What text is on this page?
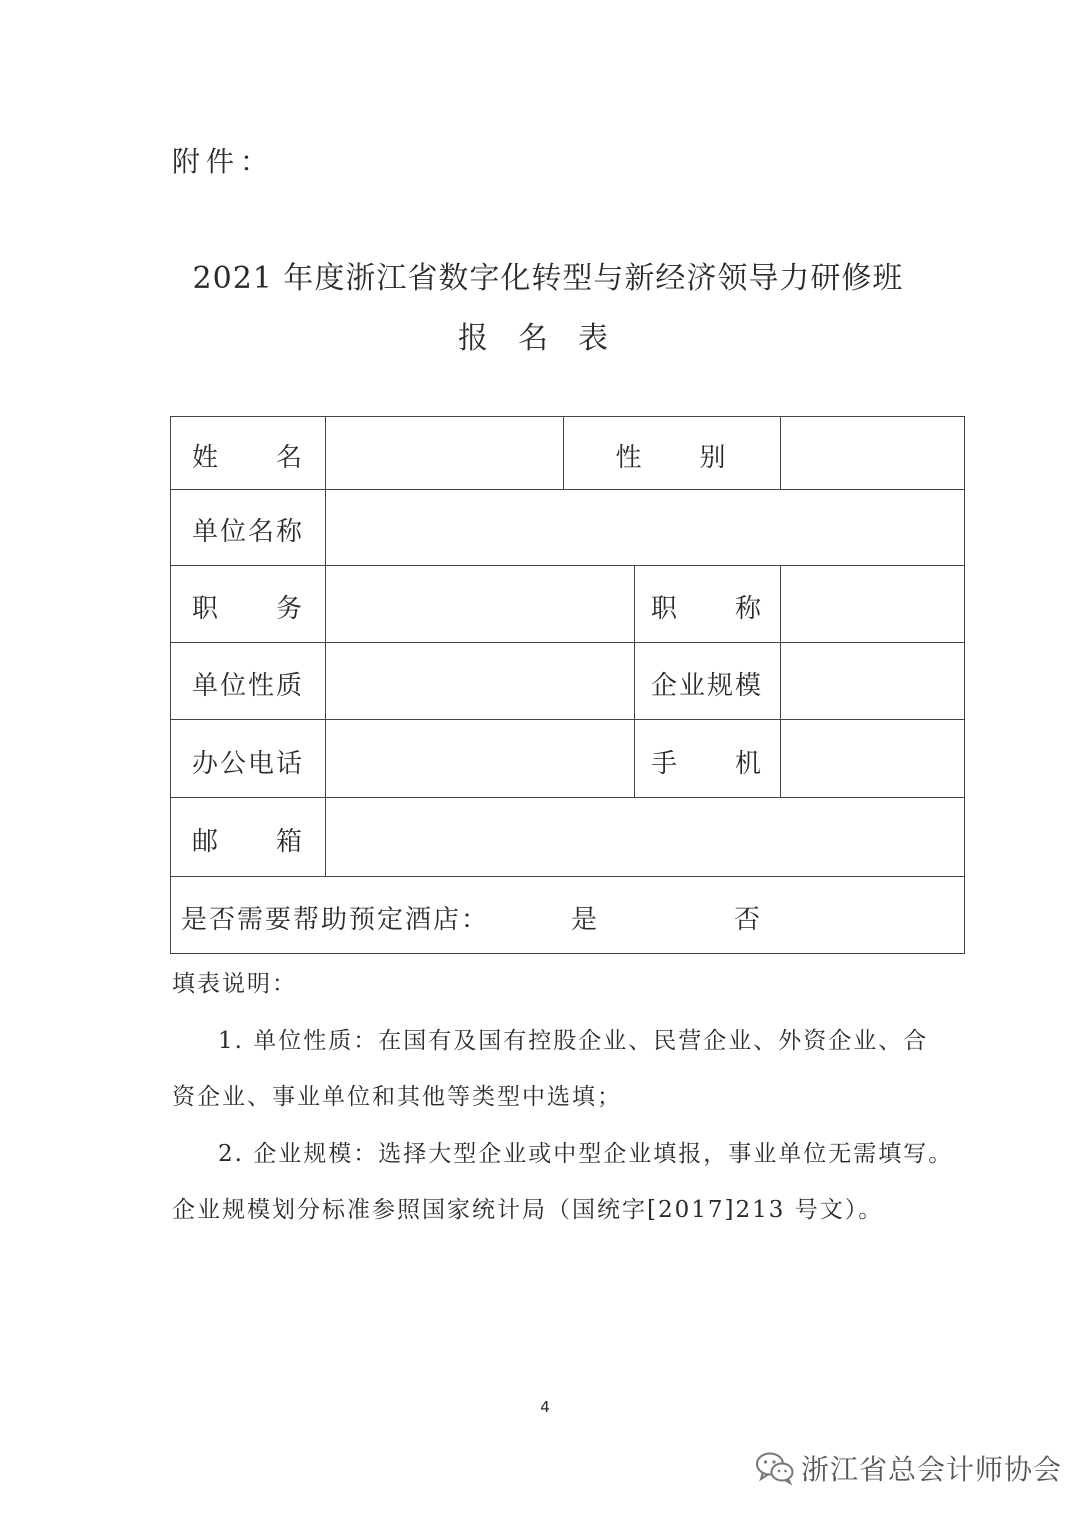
附件：
2021 年度浙江省数字化转型与新经济领导力研修班
报名表
姓　　名	性　　别
单位名称
职　　务	职　　称
单位性质	企业规模
办公电话	手　　机
邮　　箱
是否需要帮助预定酒店：	是	否
填表说明：
1. 单位性质：在国有及国有控股企业、民营企业、外资企业、合
资企业、事业单位和其他等类型中选填；
2. 企业规模：选择大型企业或中型企业填报，事业单位无需填写。
企业规模划分标准参照国家统计局（国统字[2017]213 号文）。
4
浙江省总会计师协会
